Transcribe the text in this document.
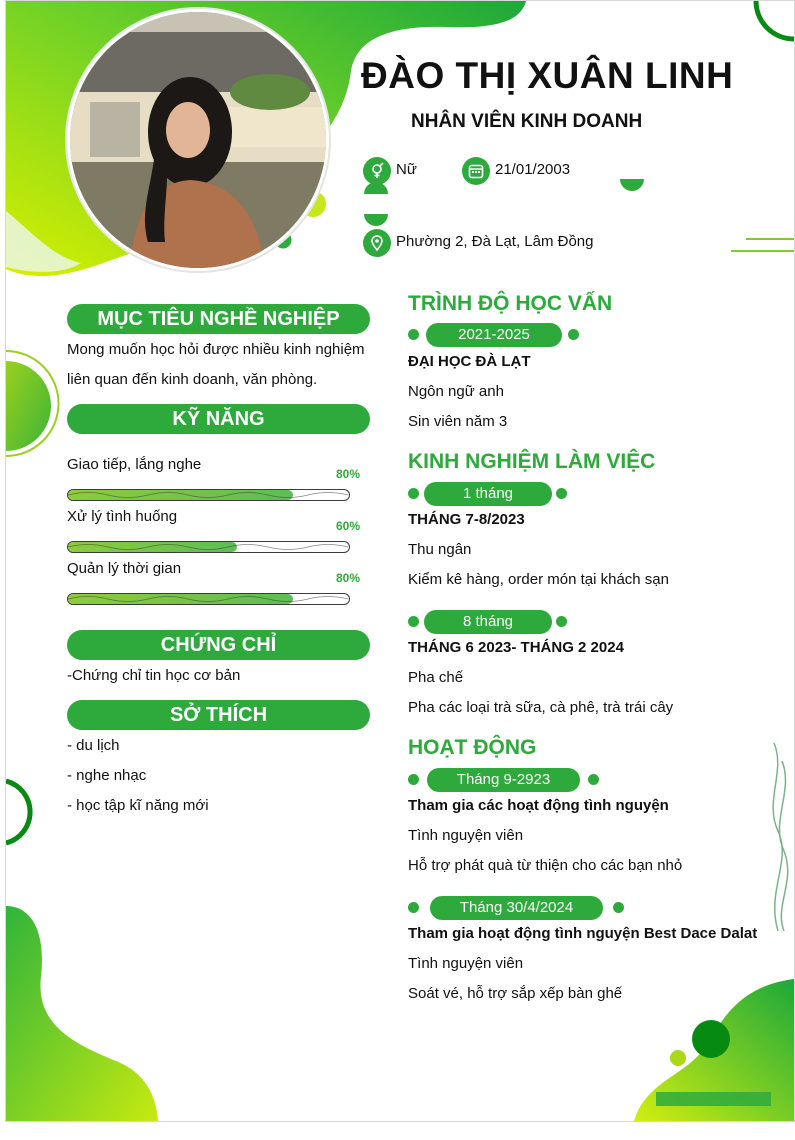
ĐÀO THỊ XUÂN LINH
NHÂN VIÊN KINH DOANH
Nữ	21/01/2003
Phường 2, Đà Lạt, Lâm Đồng
MỤC TIÊU NGHỀ NGHIỆP
Mong muốn học hỏi được nhiều kinh nghiệm
liên quan đến kinh doanh, văn phòng.
KỸ NĂNG
Giao tiếp, lắng nghe
80%
Xử lý tình huống
60%
Quản lý thời gian
80%
CHỨNG CHỈ
-Chứng chỉ tin học cơ bản
SỞ THÍCH
- du lịch
- nghe nhạc
- học tập kĩ năng mới
TRÌNH ĐỘ HỌC VẤN
2021-2025
ĐẠI HỌC ĐÀ LẠT
Ngôn ngữ anh
Sin viên năm 3
KINH NGHIỆM LÀM VIỆC
1 tháng
THÁNG 7-8/2023
Thu ngân
Kiểm kê hàng, order món tại khách sạn
8 tháng
THÁNG 6 2023- THÁNG 2 2024
Pha chế
Pha các loại trà sữa, cà phê, trà trái cây
HOẠT ĐỘNG
Tháng 9-2923
Tham gia các hoạt động tình nguyện
Tình nguyện viên
Hỗ trợ phát quà từ thiện cho các bạn nhỏ
Tháng 30/4/2024
Tham gia hoạt động tình nguyện Best Dace Dalat
Tình nguyện viên
Soát vé, hỗ trợ sắp xếp bàn ghế
